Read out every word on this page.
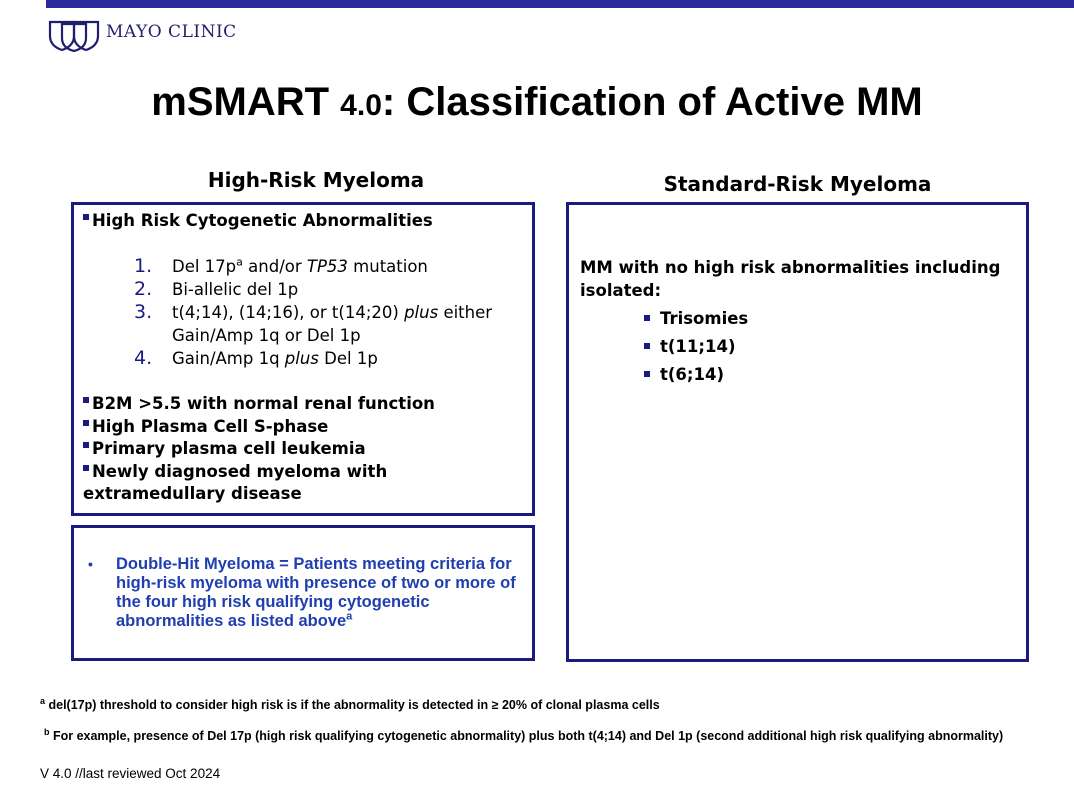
MAYO CLINIC
mSMART 4.0: Classification of Active MM
High-Risk Myeloma
High Risk Cytogenetic Abnormalities
1.	Del $17p^a$ and/or TP53 mutation
2.	Bi-allelic del 1p
3.	t(4;14), (14;16), or t(14;20) plus either Gain/Amp 1q or Del 1p
4.	Gain/Amp 1q plus Del 1p
B2M >5.5 with normal renal function
High Plasma Cell S-phase
Primary plasma cell leukemia
Newly diagnosed myeloma with extramedullary disease
•	Double-Hit Myeloma = Patients meeting criteria for high-risk myeloma with presence of two or more of the four high risk qualifying cytogenetic abnormalities as listed above$^a$
Standard-Risk Myeloma
MM with no high risk abnormalities including isolated:
Trisomies
t(11;14)
t(6;14)
$^a$ del(17p) threshold to consider high risk is if the abnormality is detected in ≥ 20% of clonal plasma cells
$^b$ For example, presence of Del 17p (high risk qualifying cytogenetic abnormality) plus both t(4;14) and Del 1p (second additional high risk qualifying abnormality)
V 4.0 //last reviewed Oct 2024
